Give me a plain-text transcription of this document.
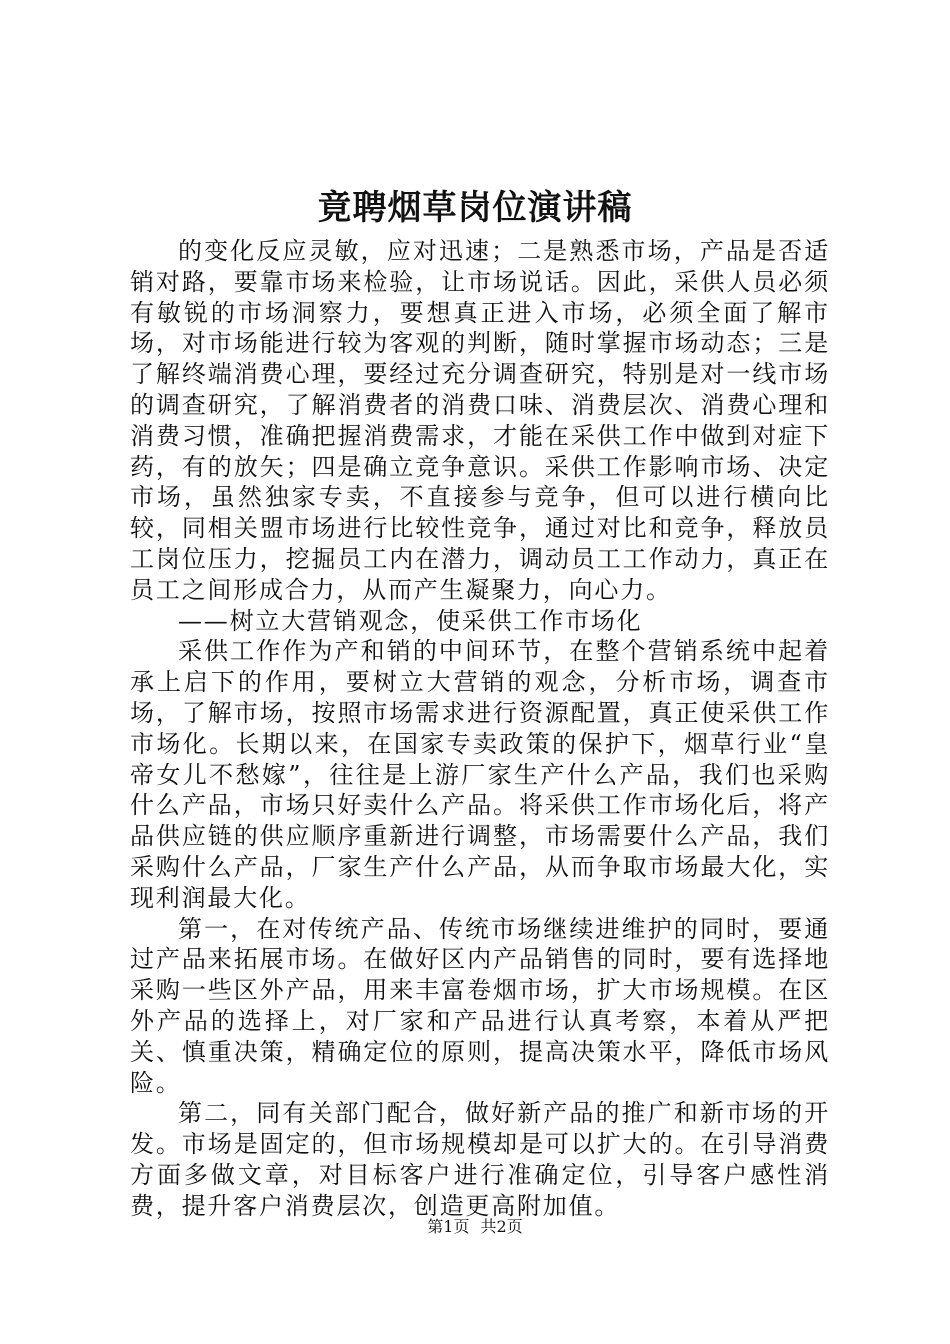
竟聘烟草岗位演讲稿

的变化反应灵敏，应对迅速；二是熟悉市场，产品是否适销对路，要靠市场来检验，让市场说话。因此，采供人员必须有敏锐的市场洞察力，要想真正进入市场，必须全面了解市场，对市场能进行较为客观的判断，随时掌握市场动态；三是了解终端消费心理，要经过充分调查研究，特别是对一线市场的调查研究，了解消费者的消费口味、消费层次、消费心理和消费习惯，准确把握消费需求，才能在采供工作中做到对症下药，有的放矢；四是确立竞争意识。采供工作影响市场、决定市场，虽然独家专卖，不直接参与竞争，但可以进行横向比较，同相关盟市场进行比较性竞争，通过对比和竞争，释放员工岗位压力，挖掘员工内在潜力，调动员工工作动力，真正在员工之间形成合力，从而产生凝聚力，向心力。

——树立大营销观念，使采供工作市场化

采供工作作为产和销的中间环节，在整个营销系统中起着承上启下的作用，要树立大营销的观念，分析市场，调查市场，了解市场，按照市场需求进行资源配置，真正使采供工作市场化。长期以来，在国家专卖政策的保护下，烟草行业“皇帝女儿不愁嫁”，往往是上游厂家生产什么产品，我们也采购什么产品，市场只好卖什么产品。将采供工作市场化后，将产品供应链的供应顺序重新进行调整，市场需要什么产品，我们采购什么产品，厂家生产什么产品，从而争取市场最大化，实现利润最大化。

第一，在对传统产品、传统市场继续进维护的同时，要通过产品来拓展市场。在做好区内产品销售的同时，要有选择地采购一些区外产品，用来丰富卷烟市场，扩大市场规模。在区外产品的选择上，对厂家和产品进行认真考察，本着从严把关、慎重决策，精确定位的原则，提高决策水平，降低市场风险。

第二，同有关部门配合，做好新产品的推广和新市场的开发。市场是固定的，但市场规模却是可以扩大的。在引导消费方面多做文章，对目标客户进行准确定位，引导客户感性消费，提升客户消费层次，创造更高附加值。

第1页 共2页
